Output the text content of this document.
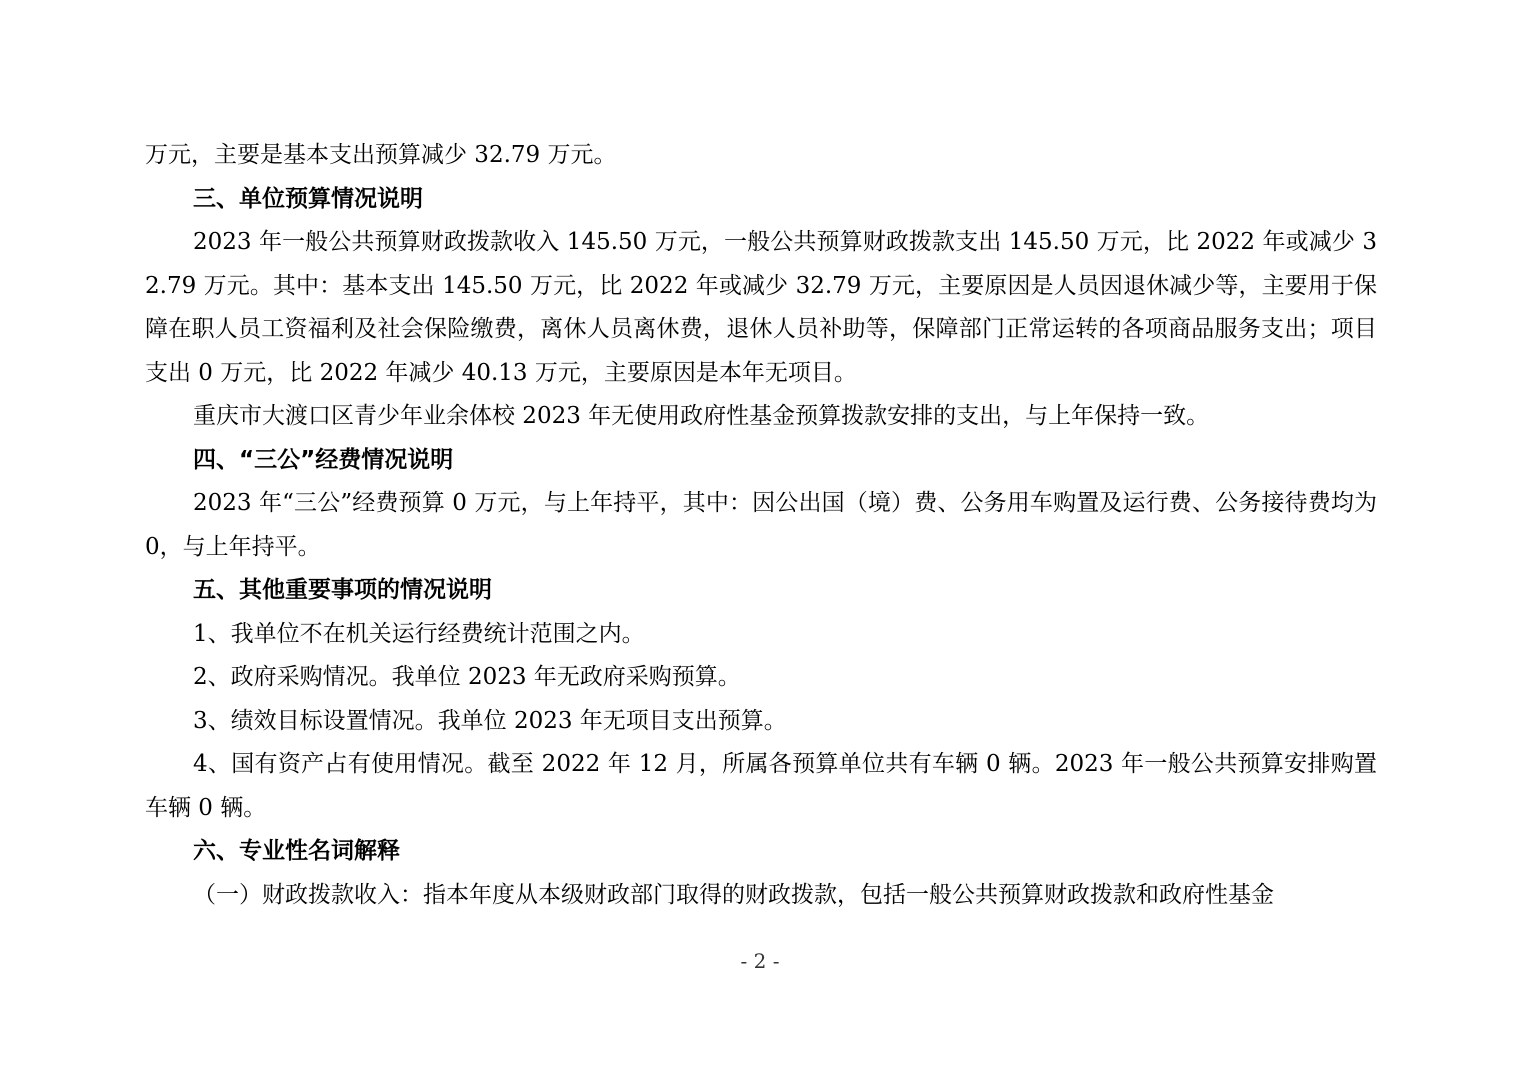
万元，主要是基本支出预算减少 32.79 万元。

三、单位预算情况说明

2023 年一般公共预算财政拨款收入 145.50 万元，一般公共预算财政拨款支出 145.50 万元，比 2022 年或减少 32.79 万元。其中：基本支出 145.50 万元，比 2022 年或减少 32.79 万元，主要原因是人员因退休减少等，主要用于保障在职人员工资福利及社会保险缴费，离休人员离休费，退休人员补助等，保障部门正常运转的各项商品服务支出；项目支出 0 万元，比 2022 年减少 40.13 万元，主要原因是本年无项目。

重庆市大渡口区青少年业余体校 2023 年无使用政府性基金预算拨款安排的支出，与上年保持一致。

四、“三公”经费情况说明

2023 年“三公”经费预算 0 万元，与上年持平，其中：因公出国（境）费、公务用车购置及运行费、公务接待费均为 0，与上年持平。

五、其他重要事项的情况说明

1、我单位不在机关运行经费统计范围之内。

2、政府采购情况。我单位 2023 年无政府采购预算。

3、绩效目标设置情况。我单位 2023 年无项目支出预算。

4、国有资产占有使用情况。截至 2022 年 12 月，所属各预算单位共有车辆 0 辆。2023 年一般公共预算安排购置车辆 0 辆。

六、专业性名词解释

（一）财政拨款收入：指本年度从本级财政部门取得的财政拨款，包括一般公共预算财政拨款和政府性基金

- 2 -
